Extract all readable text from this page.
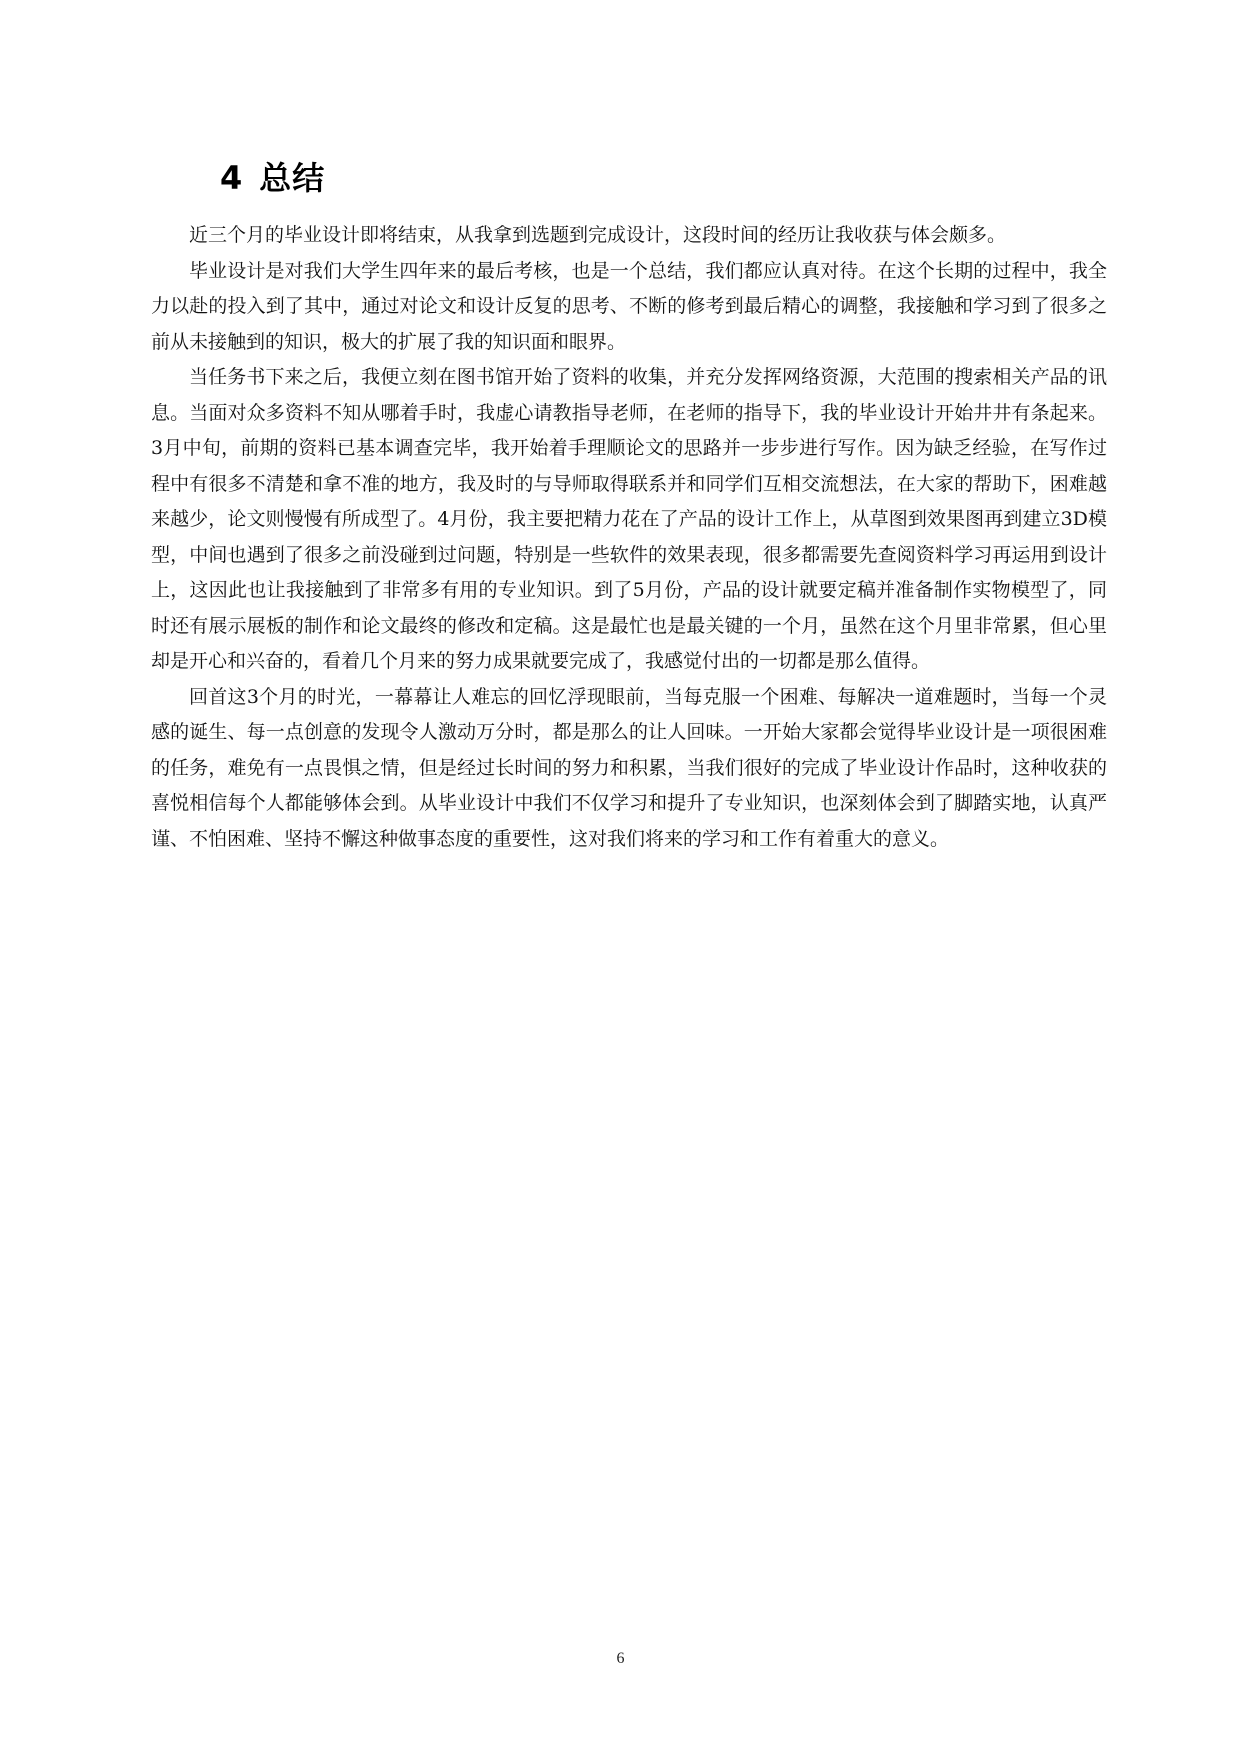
4 总结

近三个月的毕业设计即将结束，从我拿到选题到完成设计，这段时间的经历让我收获与体会颇多。

毕业设计是对我们大学生四年来的最后考核，也是一个总结，我们都应认真对待。在这个长期的过程中，我全力以赴的投入到了其中，通过对论文和设计反复的思考、不断的修考到最后精心的调整，我接触和学习到了很多之前从未接触到的知识，极大的扩展了我的知识面和眼界。

当任务书下来之后，我便立刻在图书馆开始了资料的收集，并充分发挥网络资源，大范围的搜索相关产品的讯息。当面对众多资料不知从哪着手时，我虚心请教指导老师，在老师的指导下，我的毕业设计开始井井有条起来。3月中旬，前期的资料已基本调查完毕，我开始着手理顺论文的思路并一步步进行写作。因为缺乏经验，在写作过程中有很多不清楚和拿不准的地方，我及时的与导师取得联系并和同学们互相交流想法，在大家的帮助下，困难越来越少，论文则慢慢有所成型了。4月份，我主要把精力花在了产品的设计工作上，从草图到效果图再到建立3D模型，中间也遇到了很多之前没碰到过问题，特别是一些软件的效果表现，很多都需要先查阅资料学习再运用到设计上，这因此也让我接触到了非常多有用的专业知识。到了5月份，产品的设计就要定稿并准备制作实物模型了，同时还有展示展板的制作和论文最终的修改和定稿。这是最忙也是最关键的一个月，虽然在这个月里非常累，但心里却是开心和兴奋的，看着几个月来的努力成果就要完成了，我感觉付出的一切都是那么值得。

回首这3个月的时光，一幕幕让人难忘的回忆浮现眼前，当每克服一个困难、每解决一道难题时，当每一个灵感的诞生、每一点创意的发现令人激动万分时，都是那么的让人回味。一开始大家都会觉得毕业设计是一项很困难的任务，难免有一点畏惧之情，但是经过长时间的努力和积累，当我们很好的完成了毕业设计作品时，这种收获的喜悦相信每个人都能够体会到。从毕业设计中我们不仅学习和提升了专业知识，也深刻体会到了脚踏实地，认真严谨、不怕困难、坚持不懈这种做事态度的重要性，这对我们将来的学习和工作有着重大的意义。

6
